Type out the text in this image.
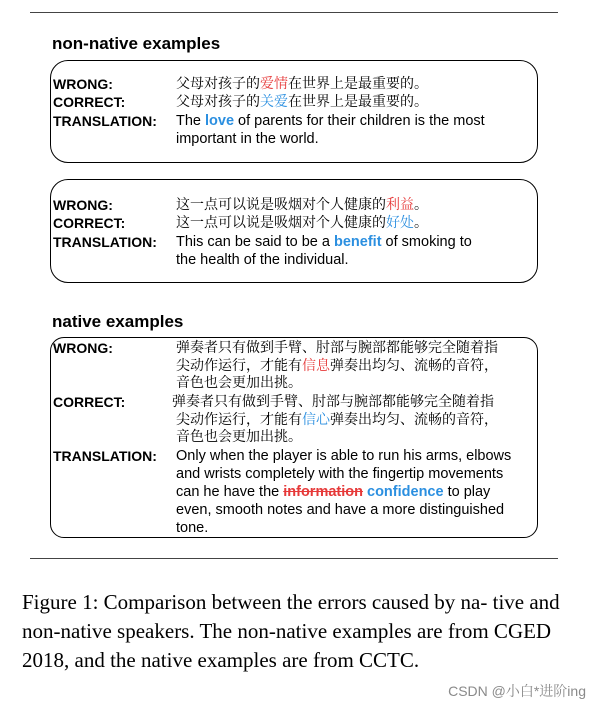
non-native examples
WRONG:	父母对孩子的爱情在世界上是最重要的。
CORRECT:	父母对孩子的关爱在世界上是最重要的。
TRANSLATION: The love of parents for their children is the most
important in the world.
WRONG:	这一点可以说是吸烟对个人健康的利益。
CORRECT:	这一点可以说是吸烟对个人健康的好处。
TRANSLATION: This can be said to be a benefit of smoking to
the health of the individual.
native examples
WRONG:	弹奏者只有做到手臂、肘部与腕部都能够完全随着指
尖动作运行，才能有信息弹奏出均匀、流畅的音符，
音色也会更加出挑。
CORRECT:	弹奏者只有做到手臂、肘部与腕部都能够完全随着指
尖动作运行，才能有信心弹奏出均匀、流畅的音符，
音色也会更加出挑。
TRANSLATION: Only when the player is able to run his arms, elbows
and wrists completely with the fingertip movements
can he have the information confidence to play
even, smooth notes and have a more distinguished
tone.
Figure 1: Comparison between the errors caused by na- tive and non-native speakers. The non-native examples are from CGED 2018, and the native examples are from CCTC.
CSDN @小白*进阶ing
